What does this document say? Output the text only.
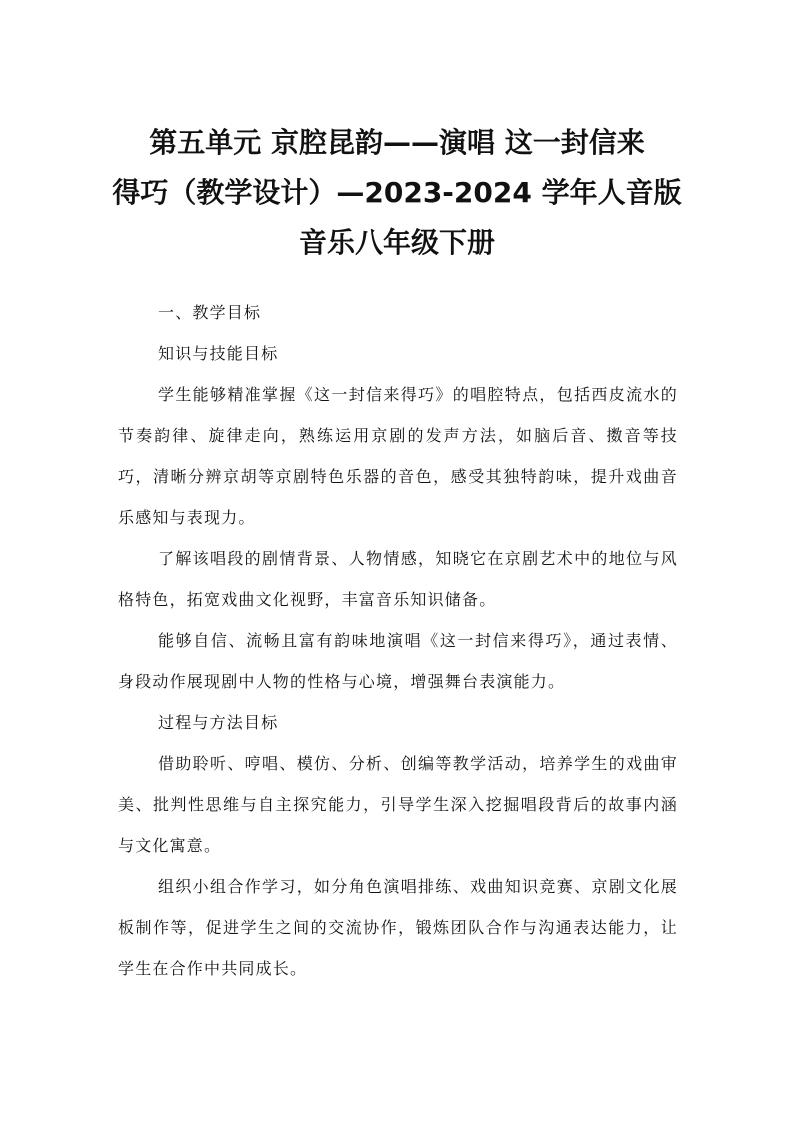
第五单元 京腔昆韵——演唱 这一封信来
得巧（教学设计）—2023-2024 学年人音版
音乐八年级下册

一、教学目标

知识与技能目标

学生能够精准掌握《这一封信来得巧》的唱腔特点，包括西皮流水的节奏韵律、旋律走向，熟练运用京剧的发声方法，如脑后音、擞音等技巧，清晰分辨京胡等京剧特色乐器的音色，感受其独特韵味，提升戏曲音乐感知与表现力。

了解该唱段的剧情背景、人物情感，知晓它在京剧艺术中的地位与风格特色，拓宽戏曲文化视野，丰富音乐知识储备。

能够自信、流畅且富有韵味地演唱《这一封信来得巧》，通过表情、身段动作展现剧中人物的性格与心境，增强舞台表演能力。

过程与方法目标

借助聆听、哼唱、模仿、分析、创编等教学活动，培养学生的戏曲审美、批判性思维与自主探究能力，引导学生深入挖掘唱段背后的故事内涵与文化寓意。

组织小组合作学习，如分角色演唱排练、戏曲知识竞赛、京剧文化展板制作等，促进学生之间的交流协作，锻炼团队合作与沟通表达能力，让学生在合作中共同成长。
